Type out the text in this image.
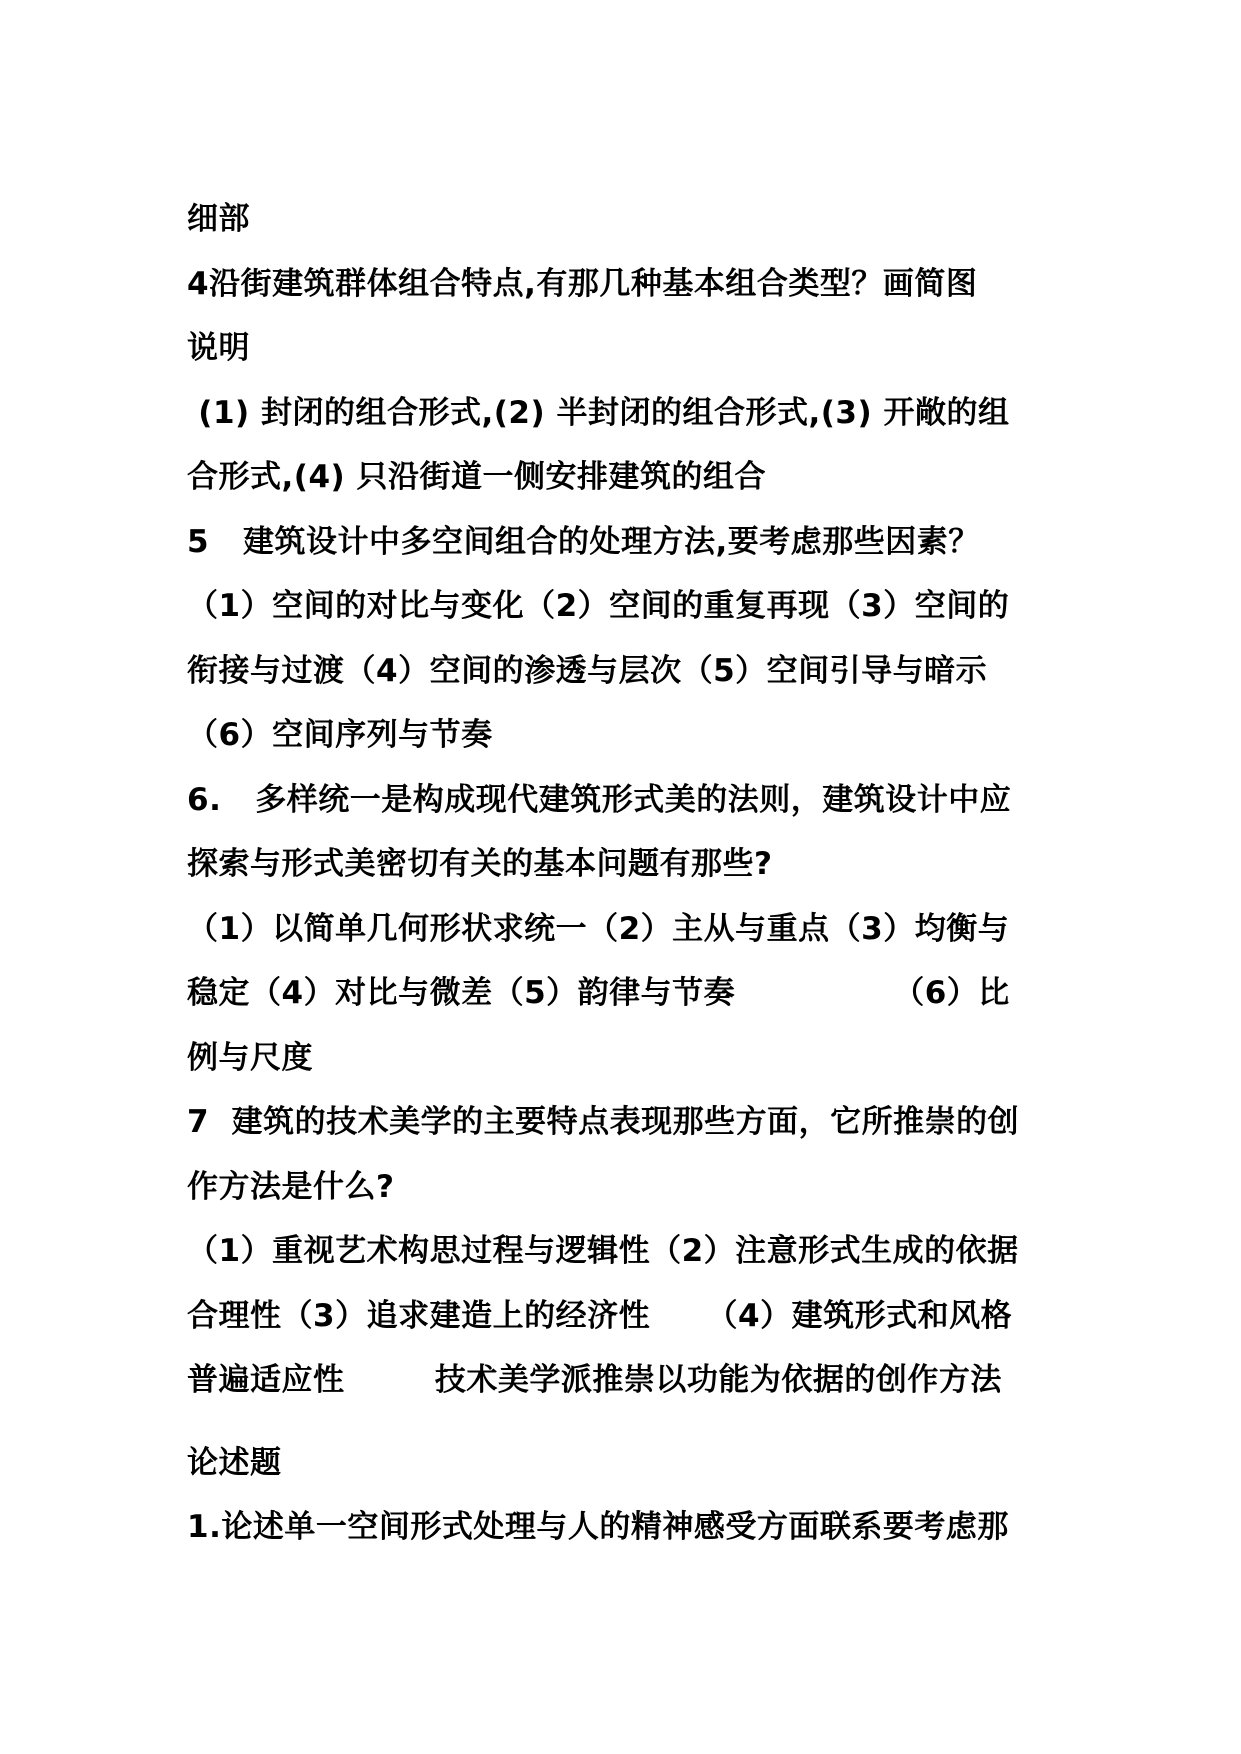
细部
4沿街建筑群体组合特点,有那几种基本组合类型？画简图
说明
(1) 封闭的组合形式,(2) 半封闭的组合形式,(3) 开敞的组
合形式,(4) 只沿街道一侧安排建筑的组合
5   建筑设计中多空间组合的处理方法,要考虑那些因素？
（1）空间的对比与变化（2）空间的重复再现（3）空间的
衔接与过渡（4）空间的渗透与层次（5）空间引导与暗示
（6）空间序列与节奏
6.   多样统一是构成现代建筑形式美的法则，建筑设计中应
探索与形式美密切有关的基本问题有那些?
（1）以简单几何形状求统一（2）主从与重点（3）均衡与
稳定（4）对比与微差（5）韵律与节奏              （6）比
例与尺度
7  建筑的技术美学的主要特点表现那些方面，它所推崇的创
作方法是什么?
（1）重视艺术构思过程与逻辑性（2）注意形式生成的依据
合理性（3）追求建造上的经济性     （4）建筑形式和风格
普遍适应性        技术美学派推崇以功能为依据的创作方法
论述题
1.论述单一空间形式处理与人的精神感受方面联系要考虑那
